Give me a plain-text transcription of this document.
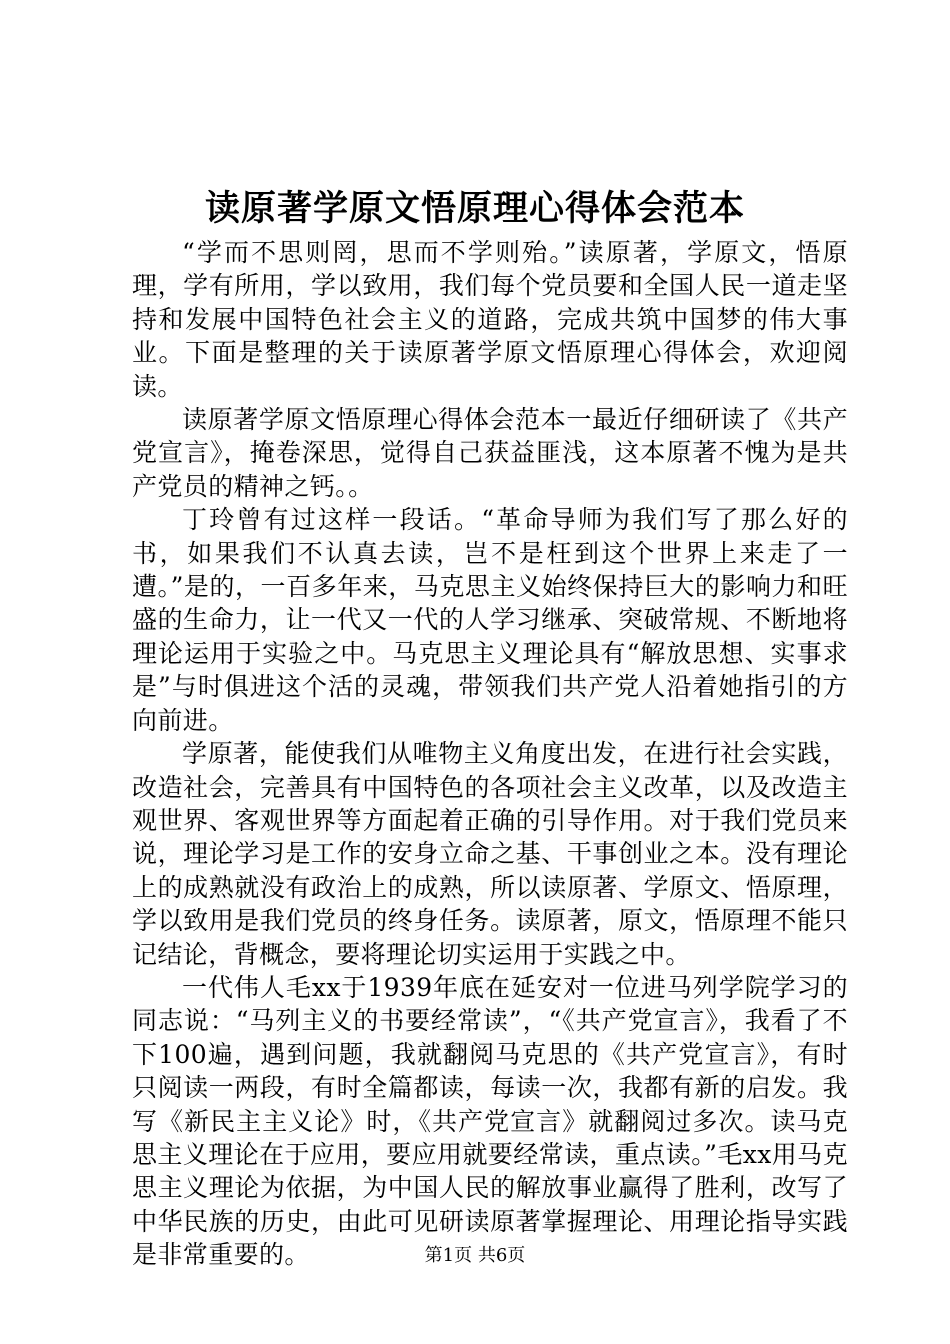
读原著学原文悟原理心得体会范本

“学而不思则罔，思而不学则殆。”读原著，学原文，悟原理，学有所用，学以致用，我们每个党员要和全国人民一道走坚持和发展中国特色社会主义的道路，完成共筑中国梦的伟大事业。下面是整理的关于读原著学原文悟原理心得体会，欢迎阅读。

读原著学原文悟原理心得体会范本一最近仔细研读了《共产党宣言》，掩卷深思，觉得自己获益匪浅，这本原著不愧为是共产党员的精神之钙。。

丁玲曾有过这样一段话。“革命导师为我们写了那么好的书，如果我们不认真去读，岂不是枉到这个世界上来走了一遭。”是的，一百多年来，马克思主义始终保持巨大的影响力和旺盛的生命力，让一代又一代的人学习继承、突破常规、不断地将理论运用于实验之中。马克思主义理论具有“解放思想、实事求是”与时俱进这个活的灵魂，带领我们共产党人沿着她指引的方向前进。

学原著，能使我们从唯物主义角度出发，在进行社会实践，改造社会，完善具有中国特色的各项社会主义改革，以及改造主观世界、客观世界等方面起着正确的引导作用。对于我们党员来说，理论学习是工作的安身立命之基、干事创业之本。没有理论上的成熟就没有政治上的成熟，所以读原著、学原文、悟原理，学以致用是我们党员的终身任务。读原著，原文，悟原理不能只记结论，背概念，要将理论切实运用于实践之中。

一代伟人毛xx于1939年底在延安对一位进马列学院学习的同志说：“马列主义的书要经常读”，“《共产党宣言》，我看了不下100遍，遇到问题，我就翻阅马克思的《共产党宣言》，有时只阅读一两段，有时全篇都读，每读一次，我都有新的启发。我写《新民主主义论》时，《共产党宣言》就翻阅过多次。读马克思主义理论在于应用，要应用就要经常读，重点读。”毛xx用马克思主义理论为依据，为中国人民的解放事业赢得了胜利，改写了中华民族的历史，由此可见研读原著掌握理论、用理论指导实践是非常重要的。	第1页 共6页
